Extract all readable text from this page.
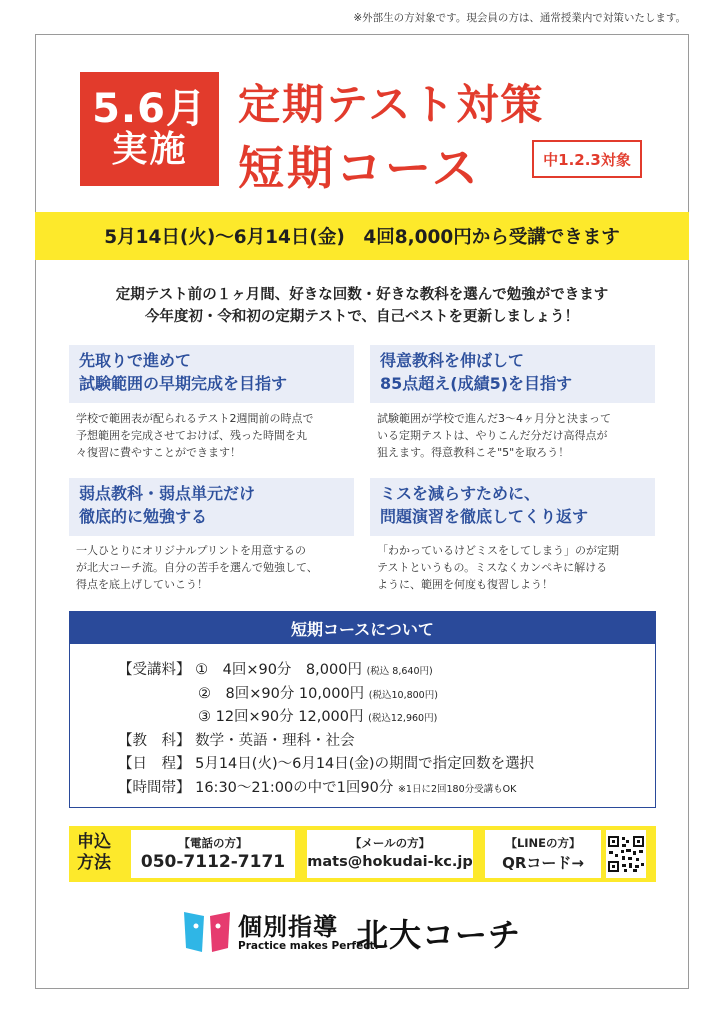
※外部生の方対象です。現会員の方は、通常授業内で対策いたします。
5.6月
実施
定期テスト対策
短期コース	中1.2.3対象
5月14日(火)～6月14日(金)　4回8,000円から受講できます
定期テスト前の１ヶ月間、好きな回数・好きな教科を選んで勉強ができます
今年度初・令和初の定期テストで、自己ベストを更新しましょう！
先取りで進めて
試験範囲の早期完成を目指す
学校で範囲表が配られるテスト2週間前の時点で
予想範囲を完成させておけば、残った時間を丸
々復習に費やすことができます！
得意教科を伸ばして
85点超え(成績5)を目指す
試験範囲が学校で進んだ3～4ヶ月分と決まって
いる定期テストは、やりこんだ分だけ高得点が
狙えます。得意教科こそ"5"を取ろう！
弱点教科・弱点単元だけ
徹底的に勉強する
一人ひとりにオリジナルプリントを用意するの
が北大コーチ流。自分の苦手を選んで勉強して、
得点を底上げしていこう！
ミスを減らすために、
問題演習を徹底してくり返す
「わかっているけどミスをしてしまう」のが定期
テストというもの。ミスなくカンペキに解ける
ように、範囲を何度も復習しよう！
短期コースについて
【受講料】 ①　4回×90分　8,000円 (税込 8,640円)
②　8回×90分 10,000円 (税込10,800円)
③ 12回×90分 12,000円 (税込12,960円)
【教　科】 数学・英語・理科・社会
【日　程】 5月14日(火)～6月14日(金)の期間で指定回数を選択
【時間帯】 16:30～21:00の中で1回90分 ※1日に2回180分受講もOK
申込
方法
【電話の方】
050-7112-7171
【メールの方】
mats@hokudai-kc.jp
【LINEの方】
QRコード→
個別指導
Practice makes Perfect.
北大コーチ
